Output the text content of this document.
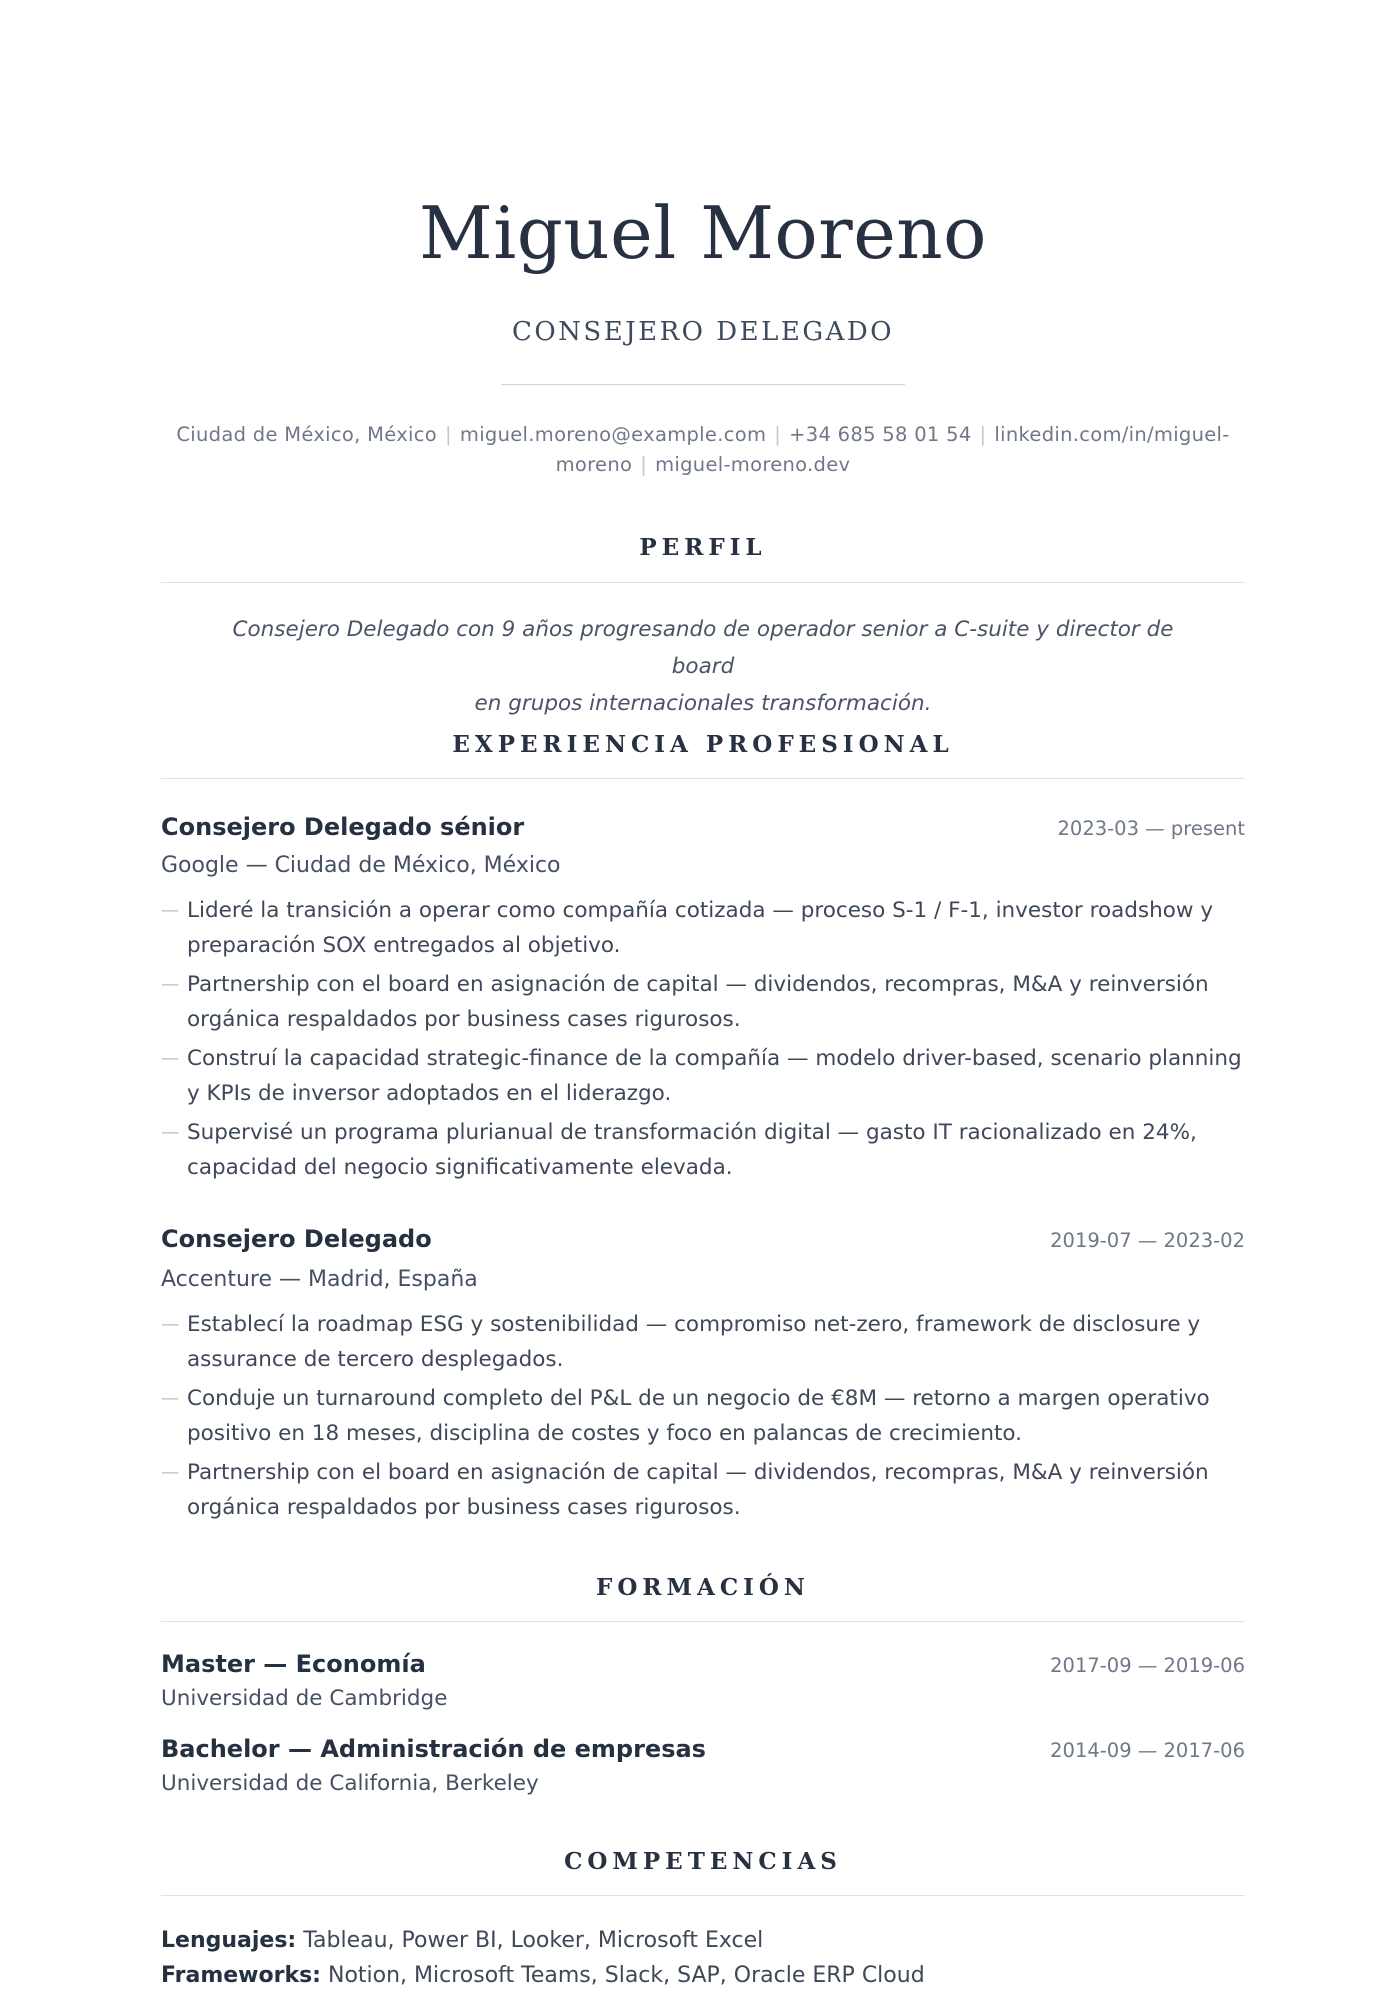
Miguel Moreno
CONSEJERO DELEGADO
Ciudad de México, México | miguel.moreno@example.com | +34 685 58 01 54 | linkedin.com/in/miguel-
moreno | miguel-moreno.dev
PERFIL
Consejero Delegado con 9 años progresando de operador senior a C-suite y director de board
en grupos internacionales transformación.
EXPERIENCIA PROFESIONAL
Consejero Delegado sénior	2023-03 — present
Google — Ciudad de México, México
— Lideré la transición a operar como compañía cotizada — proceso S-1 / F-1, investor roadshow y preparación SOX entregados al objetivo.
— Partnership con el board en asignación de capital — dividendos, recompras, M&A y reinversión orgánica respaldados por business cases rigurosos.
— Construí la capacidad strategic-finance de la compañía — modelo driver-based, scenario planning y KPIs de inversor adoptados en el liderazgo.
— Supervisé un programa plurianual de transformación digital — gasto IT racionalizado en 24%, capacidad del negocio significativamente elevada.
Consejero Delegado	2019-07 — 2023-02
Accenture — Madrid, España
— Establecí la roadmap ESG y sostenibilidad — compromiso net-zero, framework de disclosure y assurance de tercero desplegados.
— Conduje un turnaround completo del P&L de un negocio de €8M — retorno a margen operativo positivo en 18 meses, disciplina de costes y foco en palancas de crecimiento.
— Partnership con el board en asignación de capital — dividendos, recompras, M&A y reinversión orgánica respaldados por business cases rigurosos.
FORMACIÓN
Master — Economía	2017-09 — 2019-06
Universidad de Cambridge
Bachelor — Administración de empresas	2014-09 — 2017-06
Universidad de California, Berkeley
COMPETENCIAS
Lenguajes: Tableau, Power BI, Looker, Microsoft Excel
Frameworks: Notion, Microsoft Teams, Slack, SAP, Oracle ERP Cloud
